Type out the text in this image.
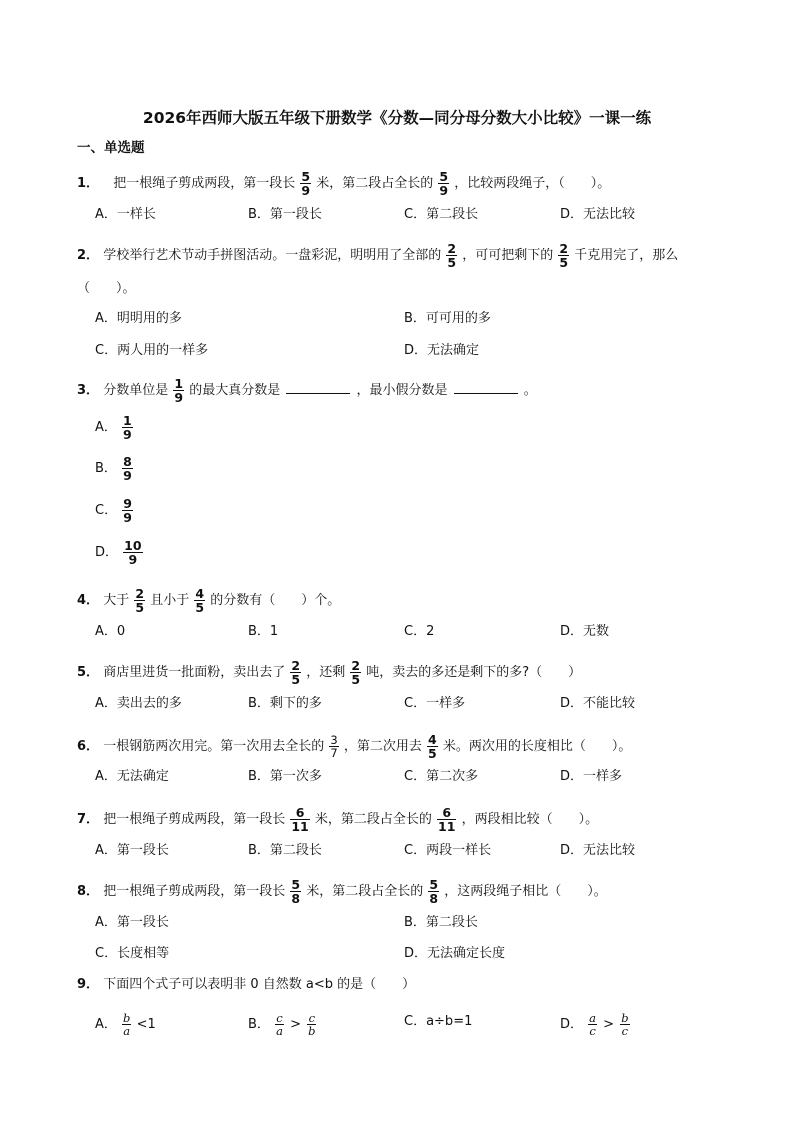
2026年西师大版五年级下册数学《分数—同分母分数大小比较》一课一练
一、单选题
1． 把一根绳子剪成两段，第一段长 $\frac{5}{9}$ 米，第二段占全长的 $\frac{5}{9}$ ，比较两段绳子，（　　）。
A．一样长	B．第一段长	C．第二段长	D．无法比较
2． 学校举行艺术节动手拼图活动。一盘彩泥，明明用了全部的 $\frac{2}{5}$ ，可可把剩下的 $\frac{2}{5}$ 千克用完了，那么
（　　）。
A．明明用的多	B．可可用的多
C．两人用的一样多	D．无法确定
3． 分数单位是 $\frac{1}{9}$ 的最大真分数是	，最小假分数是	。
A． $\frac{1}{9}$
B． $\frac{8}{9}$
C． $\frac{9}{9}$
D． $\frac{10}{9}$
4． 大于 $\frac{2}{5}$ 且小于 $\frac{4}{5}$ 的分数有（　　）个。
A．0	B．1	C．2	D．无数
5． 商店里进货一批面粉，卖出去了 $\frac{2}{5}$ ，还剩 $\frac{2}{5}$ 吨，卖去的多还是剩下的多?（　　）
A．卖出去的多	B．剩下的多	C．一样多	D．不能比较
6． 一根钢筋两次用完。第一次用去全长的 $\frac{3}{7}$ ，第二次用去 $\frac{4}{5}$ 米。两次用的长度相比（　　）。
A．无法确定	B．第一次多	C．第二次多	D．一样多
7． 把一根绳子剪成两段，第一段长 $\frac{6}{11}$ 米，第二段占全长的 $\frac{6}{11}$ ，两段相比较（　　）。
A．第一段长	B．第二段长	C．两段一样长	D．无法比较
8． 把一根绳子剪成两段，第一段长 $\frac{5}{8}$ 米，第二段占全长的 $\frac{5}{8}$ ，这两段绳子相比（　　）。
A．第一段长	B．第二段长
C．长度相等	D．无法确定长度
9． 下面四个式子可以表明非 0 自然数 a<b 的是（　　）
A． $\frac{b}{a} <1$	B． $\frac{c}{a} > \frac{c}{b}$	C．a÷b=1	D． $\frac{a}{c} > \frac{b}{c}$
